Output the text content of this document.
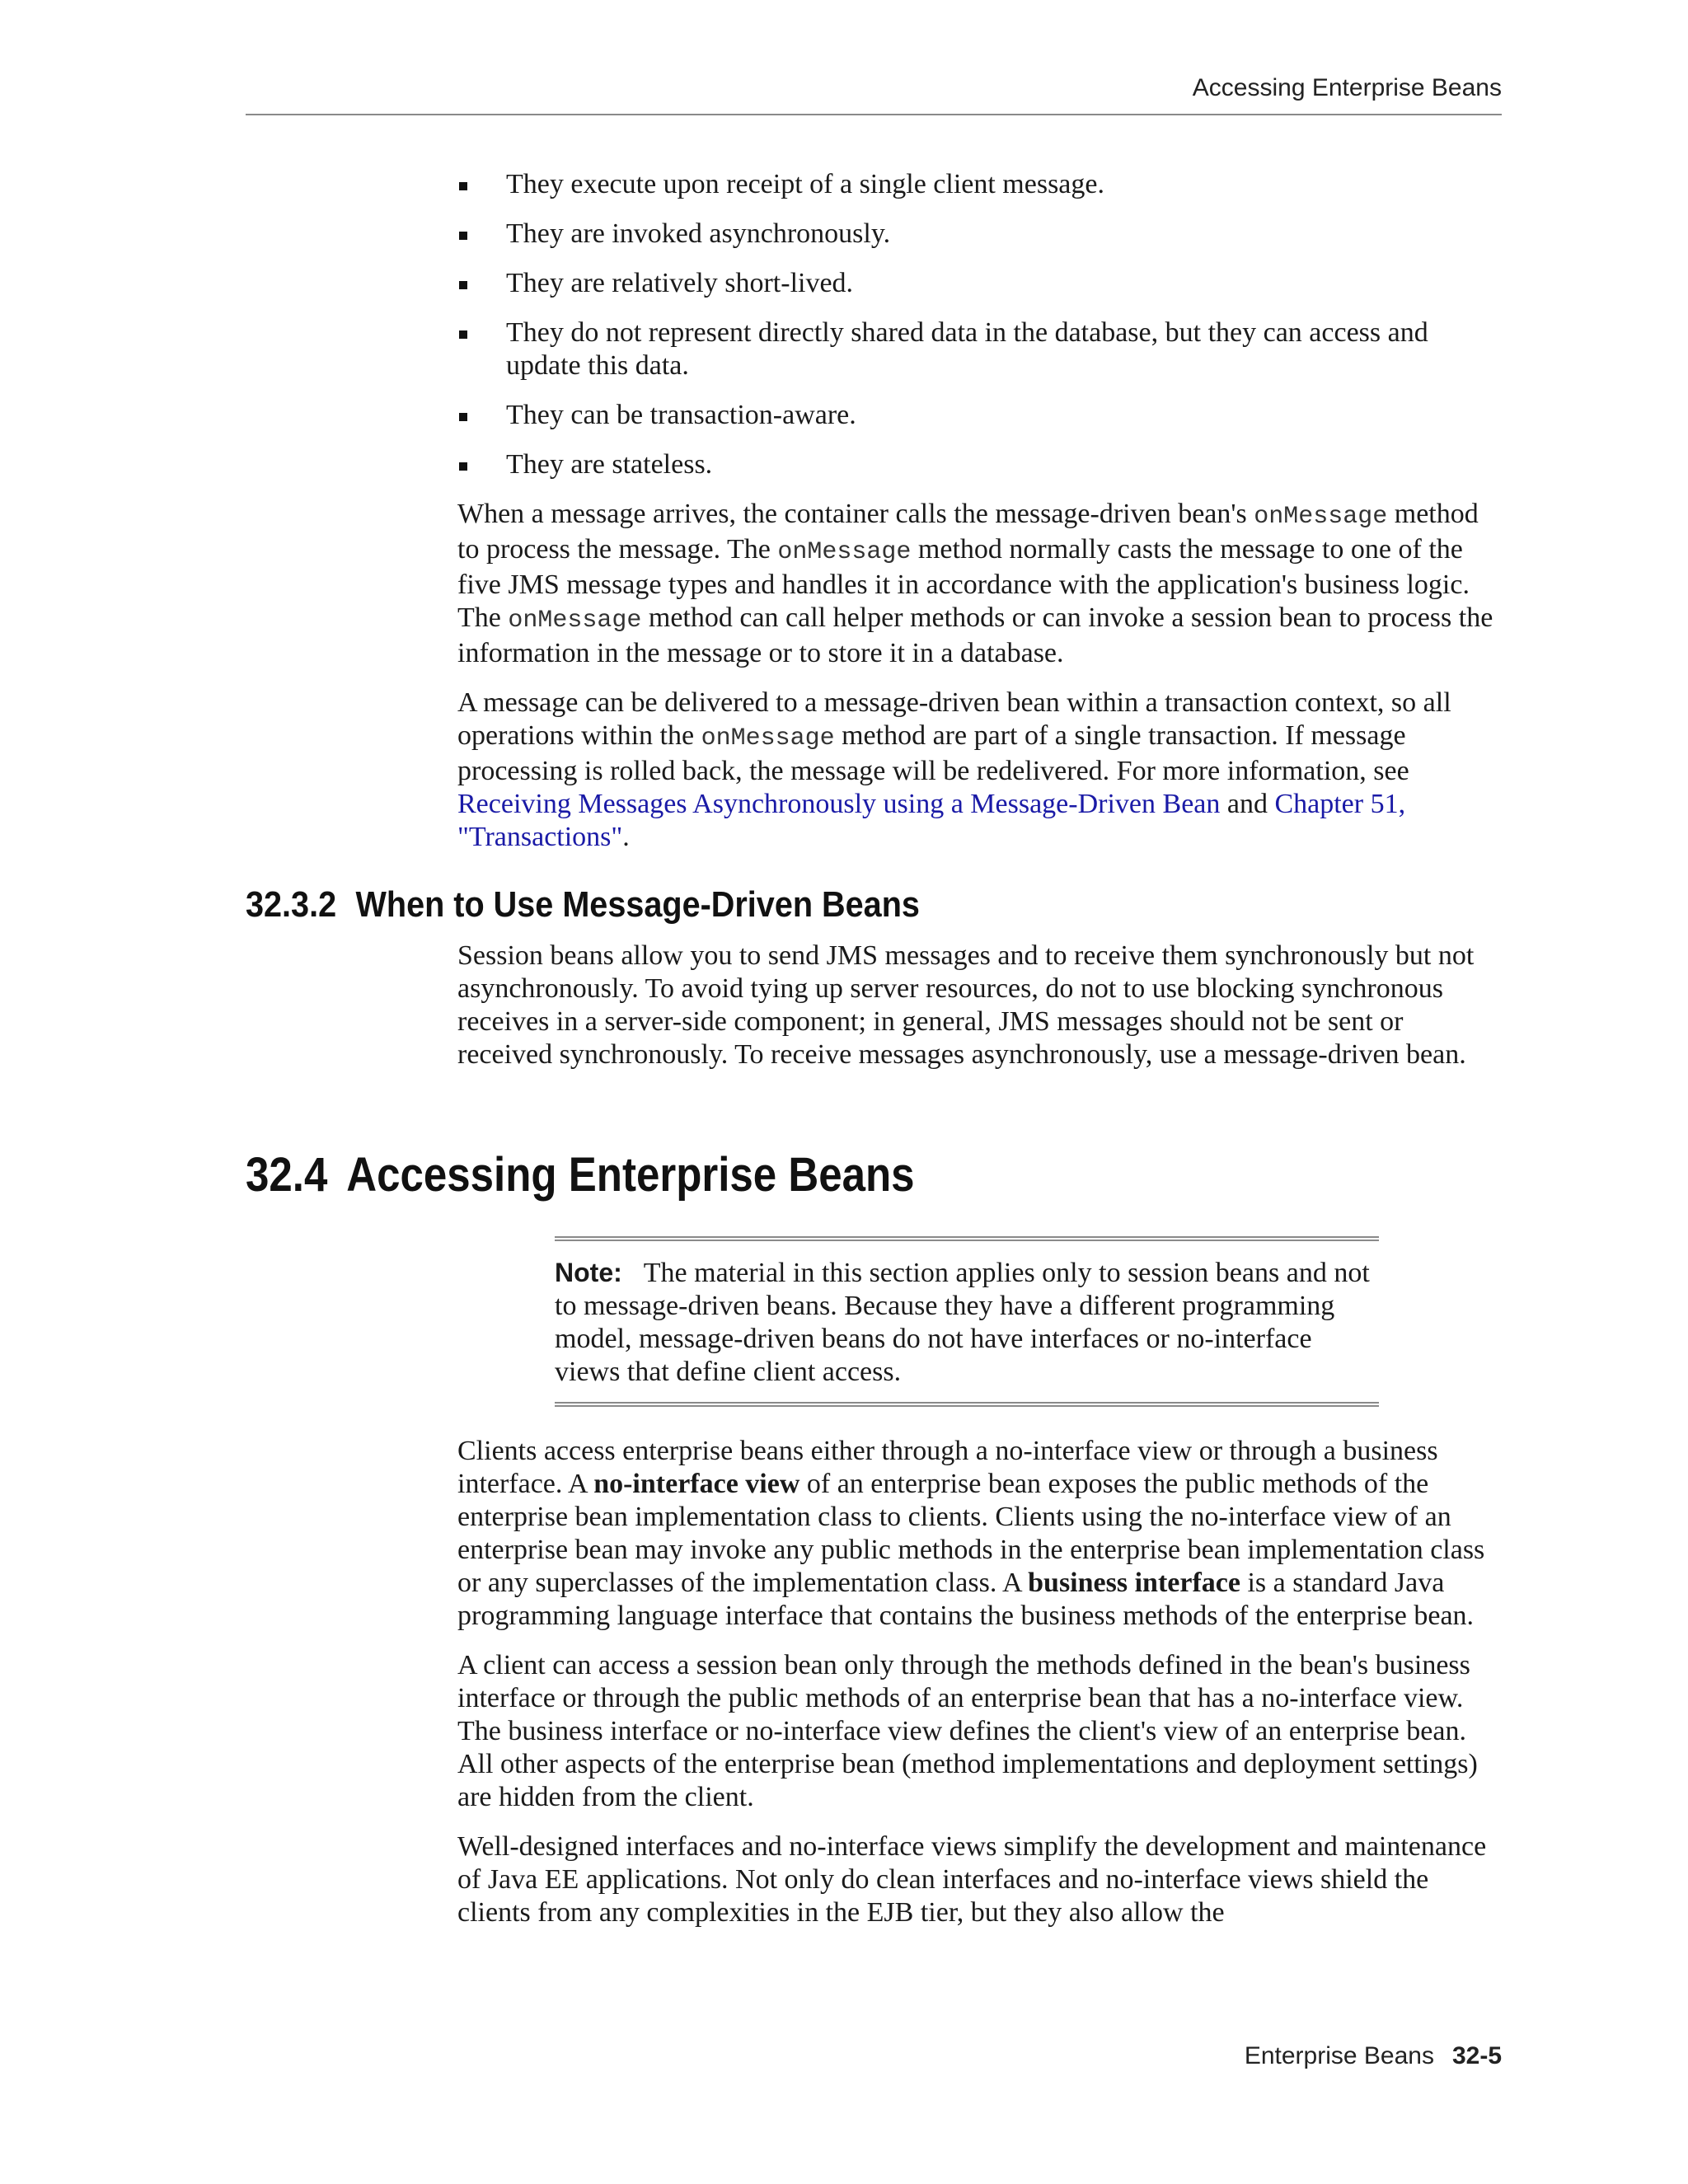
Accessing Enterprise Beans
They execute upon receipt of a single client message.
They are invoked asynchronously.
They are relatively short-lived.
They do not represent directly shared data in the database, but they can access and update this data.
They can be transaction-aware.
They are stateless.

When a message arrives, the container calls the message-driven bean's onMessage method to process the message. The onMessage method normally casts the message to one of the five JMS message types and handles it in accordance with the application's business logic. The onMessage method can call helper methods or can invoke a session bean to process the information in the message or to store it in a database.

A message can be delivered to a message-driven bean within a transaction context, so all operations within the onMessage method are part of a single transaction. If message processing is rolled back, the message will be redelivered. For more information, see Receiving Messages Asynchronously using a Message-Driven Bean and Chapter 51, "Transactions".

32.3.2 When to Use Message-Driven Beans

Session beans allow you to send JMS messages and to receive them synchronously but not asynchronously. To avoid tying up server resources, do not to use blocking synchronous receives in a server-side component; in general, JMS messages should not be sent or received synchronously. To receive messages asynchronously, use a message-driven bean.

32.4 Accessing Enterprise Beans
Note: The material in this section applies only to session beans and not to message-driven beans. Because they have a different programming model, message-driven beans do not have interfaces or no-interface views that define client access.

Clients access enterprise beans either through a no-interface view or through a business interface. A no-interface view of an enterprise bean exposes the public methods of the enterprise bean implementation class to clients. Clients using the no-interface view of an enterprise bean may invoke any public methods in the enterprise bean implementation class or any superclasses of the implementation class. A business interface is a standard Java programming language interface that contains the business methods of the enterprise bean.

A client can access a session bean only through the methods defined in the bean's business interface or through the public methods of an enterprise bean that has a no-interface view. The business interface or no-interface view defines the client's view of an enterprise bean. All other aspects of the enterprise bean (method implementations and deployment settings) are hidden from the client.

Well-designed interfaces and no-interface views simplify the development and maintenance of Java EE applications. Not only do clean interfaces and no-interface views shield the clients from any complexities in the EJB tier, but they also allow the

Enterprise Beans 32-5
